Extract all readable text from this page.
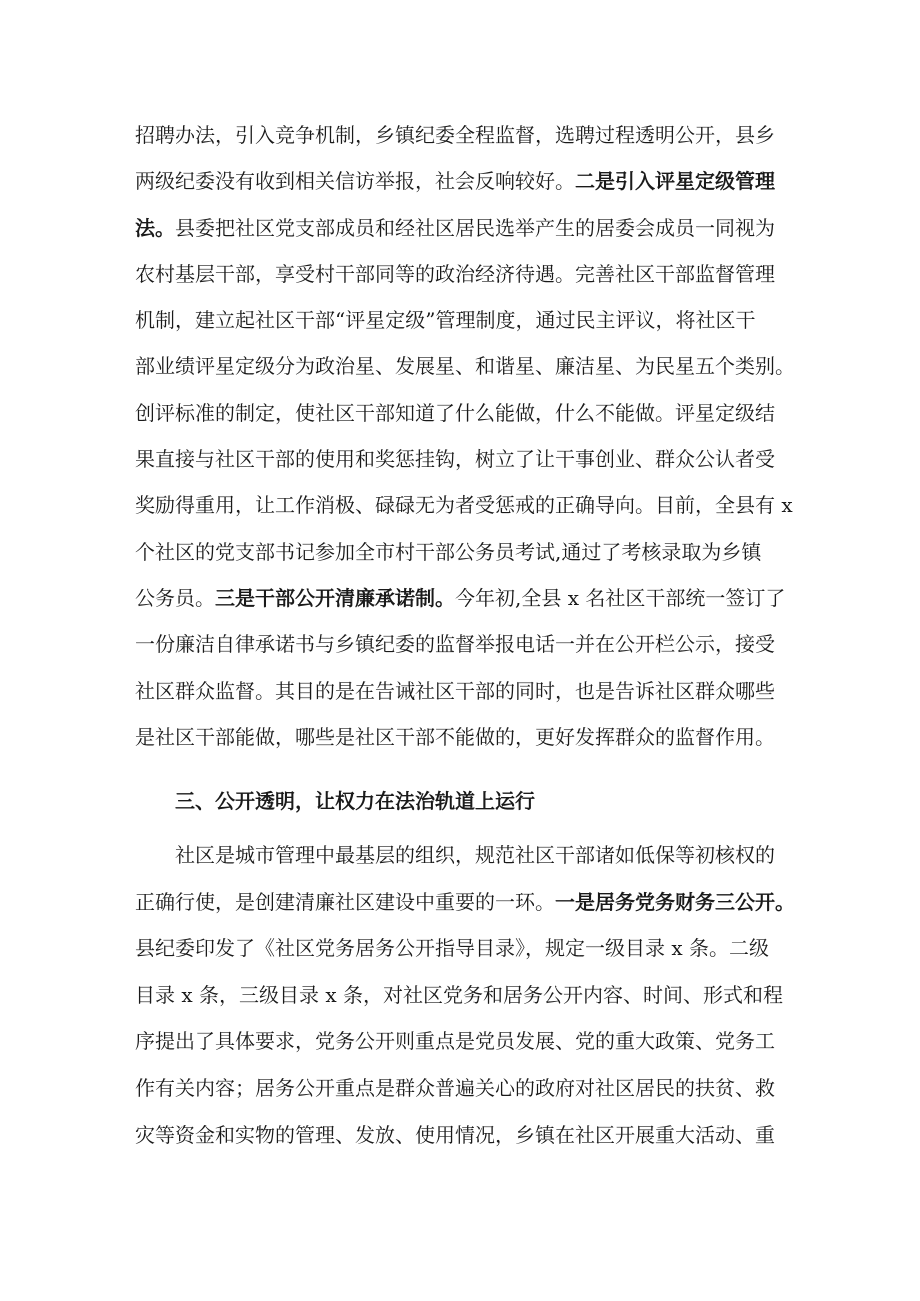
招聘办法，引入竞争机制，乡镇纪委全程监督，选聘过程透明公开，县乡
两级纪委没有收到相关信访举报，社会反响较好。二是引入评星定级管理
法。县委把社区党支部成员和经社区居民选举产生的居委会成员一同视为
农村基层干部，享受村干部同等的政治经济待遇。完善社区干部监督管理
机制，建立起社区干部“评星定级”管理制度，通过民主评议，将社区干
部业绩评星定级分为政治星、发展星、和谐星、廉洁星、为民星五个类别。
创评标准的制定，使社区干部知道了什么能做，什么不能做。评星定级结
果直接与社区干部的使用和奖惩挂钩，树立了让干事创业、群众公认者受
奖励得重用，让工作消极、碌碌无为者受惩戒的正确导向。目前，全县有 x
个社区的党支部书记参加全市村干部公务员考试,通过了考核录取为乡镇
公务员。三是干部公开清廉承诺制。今年初,全县 x 名社区干部统一签订了
一份廉洁自律承诺书与乡镇纪委的监督举报电话一并在公开栏公示，接受
社区群众监督。其目的是在告诫社区干部的同时，也是告诉社区群众哪些
是社区干部能做，哪些是社区干部不能做的，更好发挥群众的监督作用。
三、公开透明，让权力在法治轨道上运行
社区是城市管理中最基层的组织，规范社区干部诸如低保等初核权的
正确行使，是创建清廉社区建设中重要的一环。一是居务党务财务三公开。
县纪委印发了《社区党务居务公开指导目录》，规定一级目录 x 条。二级
目录 x 条，三级目录 x 条，对社区党务和居务公开内容、时间、形式和程
序提出了具体要求，党务公开则重点是党员发展、党的重大政策、党务工
作有关内容；居务公开重点是群众普遍关心的政府对社区居民的扶贫、救
灾等资金和实物的管理、发放、使用情况，乡镇在社区开展重大活动、重
